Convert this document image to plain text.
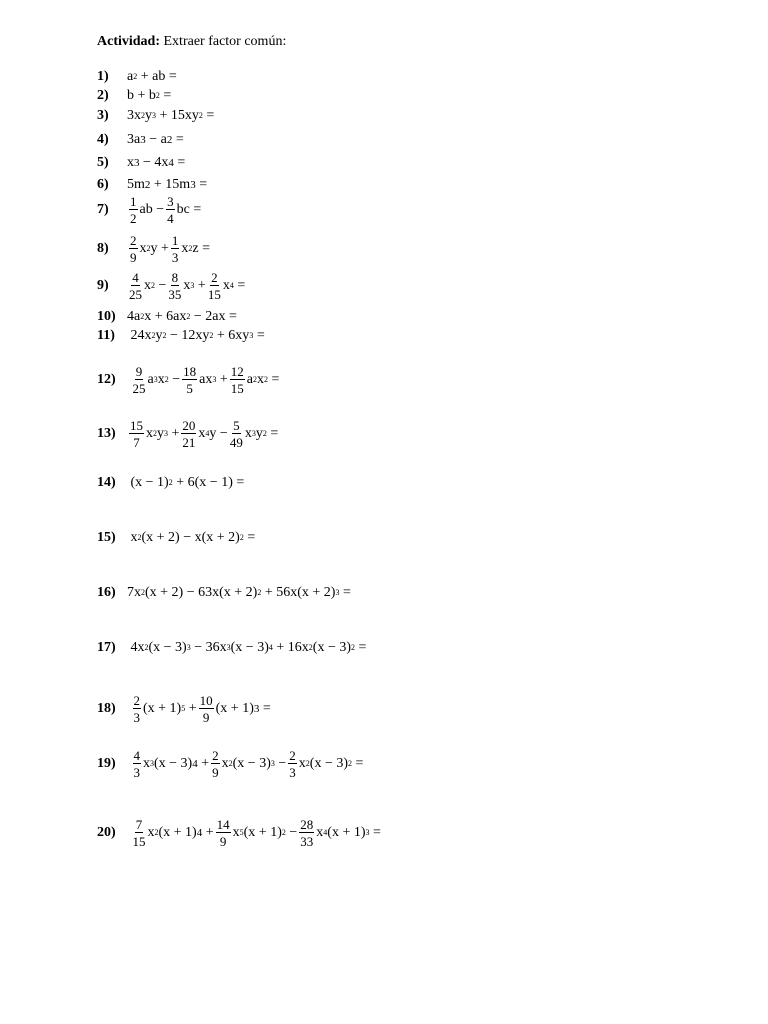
Actividad: Extraer factor común:
1)	a 2 + ab =
2)	b + b 2 =
3)	3x 2 y 3 + 15xy 2 =
4)	3a 3 − a 2 =
5)	x 3 − 4x 4 =
6)	5m 2 + 15m 3 =
7)	$\frac{1}{2}$ ab − $\frac{3}{4}$ bc =
8)	$\frac{2}{9}$ x 2 $y + \frac{1}{3}$ x 2 z =
9)	$\frac{4}{25}$ x $2 - \frac{8}{35}$ x $3 + \frac{2}{15}$ x 4 =
10) 4a 2 x + 6ax 2 − 2ax =
11) 24x 2 y 2 − 12xy 2 + 6xy 3 =
12)
	$\frac{9}{25}$ a 3 x $2 - \frac{18}{5}$ ax $3 + \frac{12}{15}$ a 2 x 2 =
13)	$\frac{15}{7}$ x 2 y $3 + \frac{20}{21}$ x 4 $y - \frac{5}{49}$ x 3 y 2 =
14) (x − 1) 2 + 6(x − 1) =
15) x 2 (x + 2) − x(x + 2) 2 =
16) 7x 2 (x + 2) − 63x(x + 2) 2 + 56x(x + 2) 3 =
17) 4x 2 (x − 3) 3 − 36x 3 (x − 3) 4 + 16x 2 (x − 3) 2 =
18)
	$\frac{2}{3} (x + 1) 5 + \frac{10}{9} (x + 1) 3$ =
19)
	$\frac{4}{3}$ x 3 (x − 3) $4 + \frac{2}{9}$ x 2 (x − 3) $3 - \frac{2}{3}$ x 2 (x − 3) 2 =
20)
	$\frac{7}{15}$ x 2 (x + 1) $4 + \frac{14}{9}$ x 5 (x + 1) $2 - \frac{28}{33}$ x 4 (x + 1) 3 =
